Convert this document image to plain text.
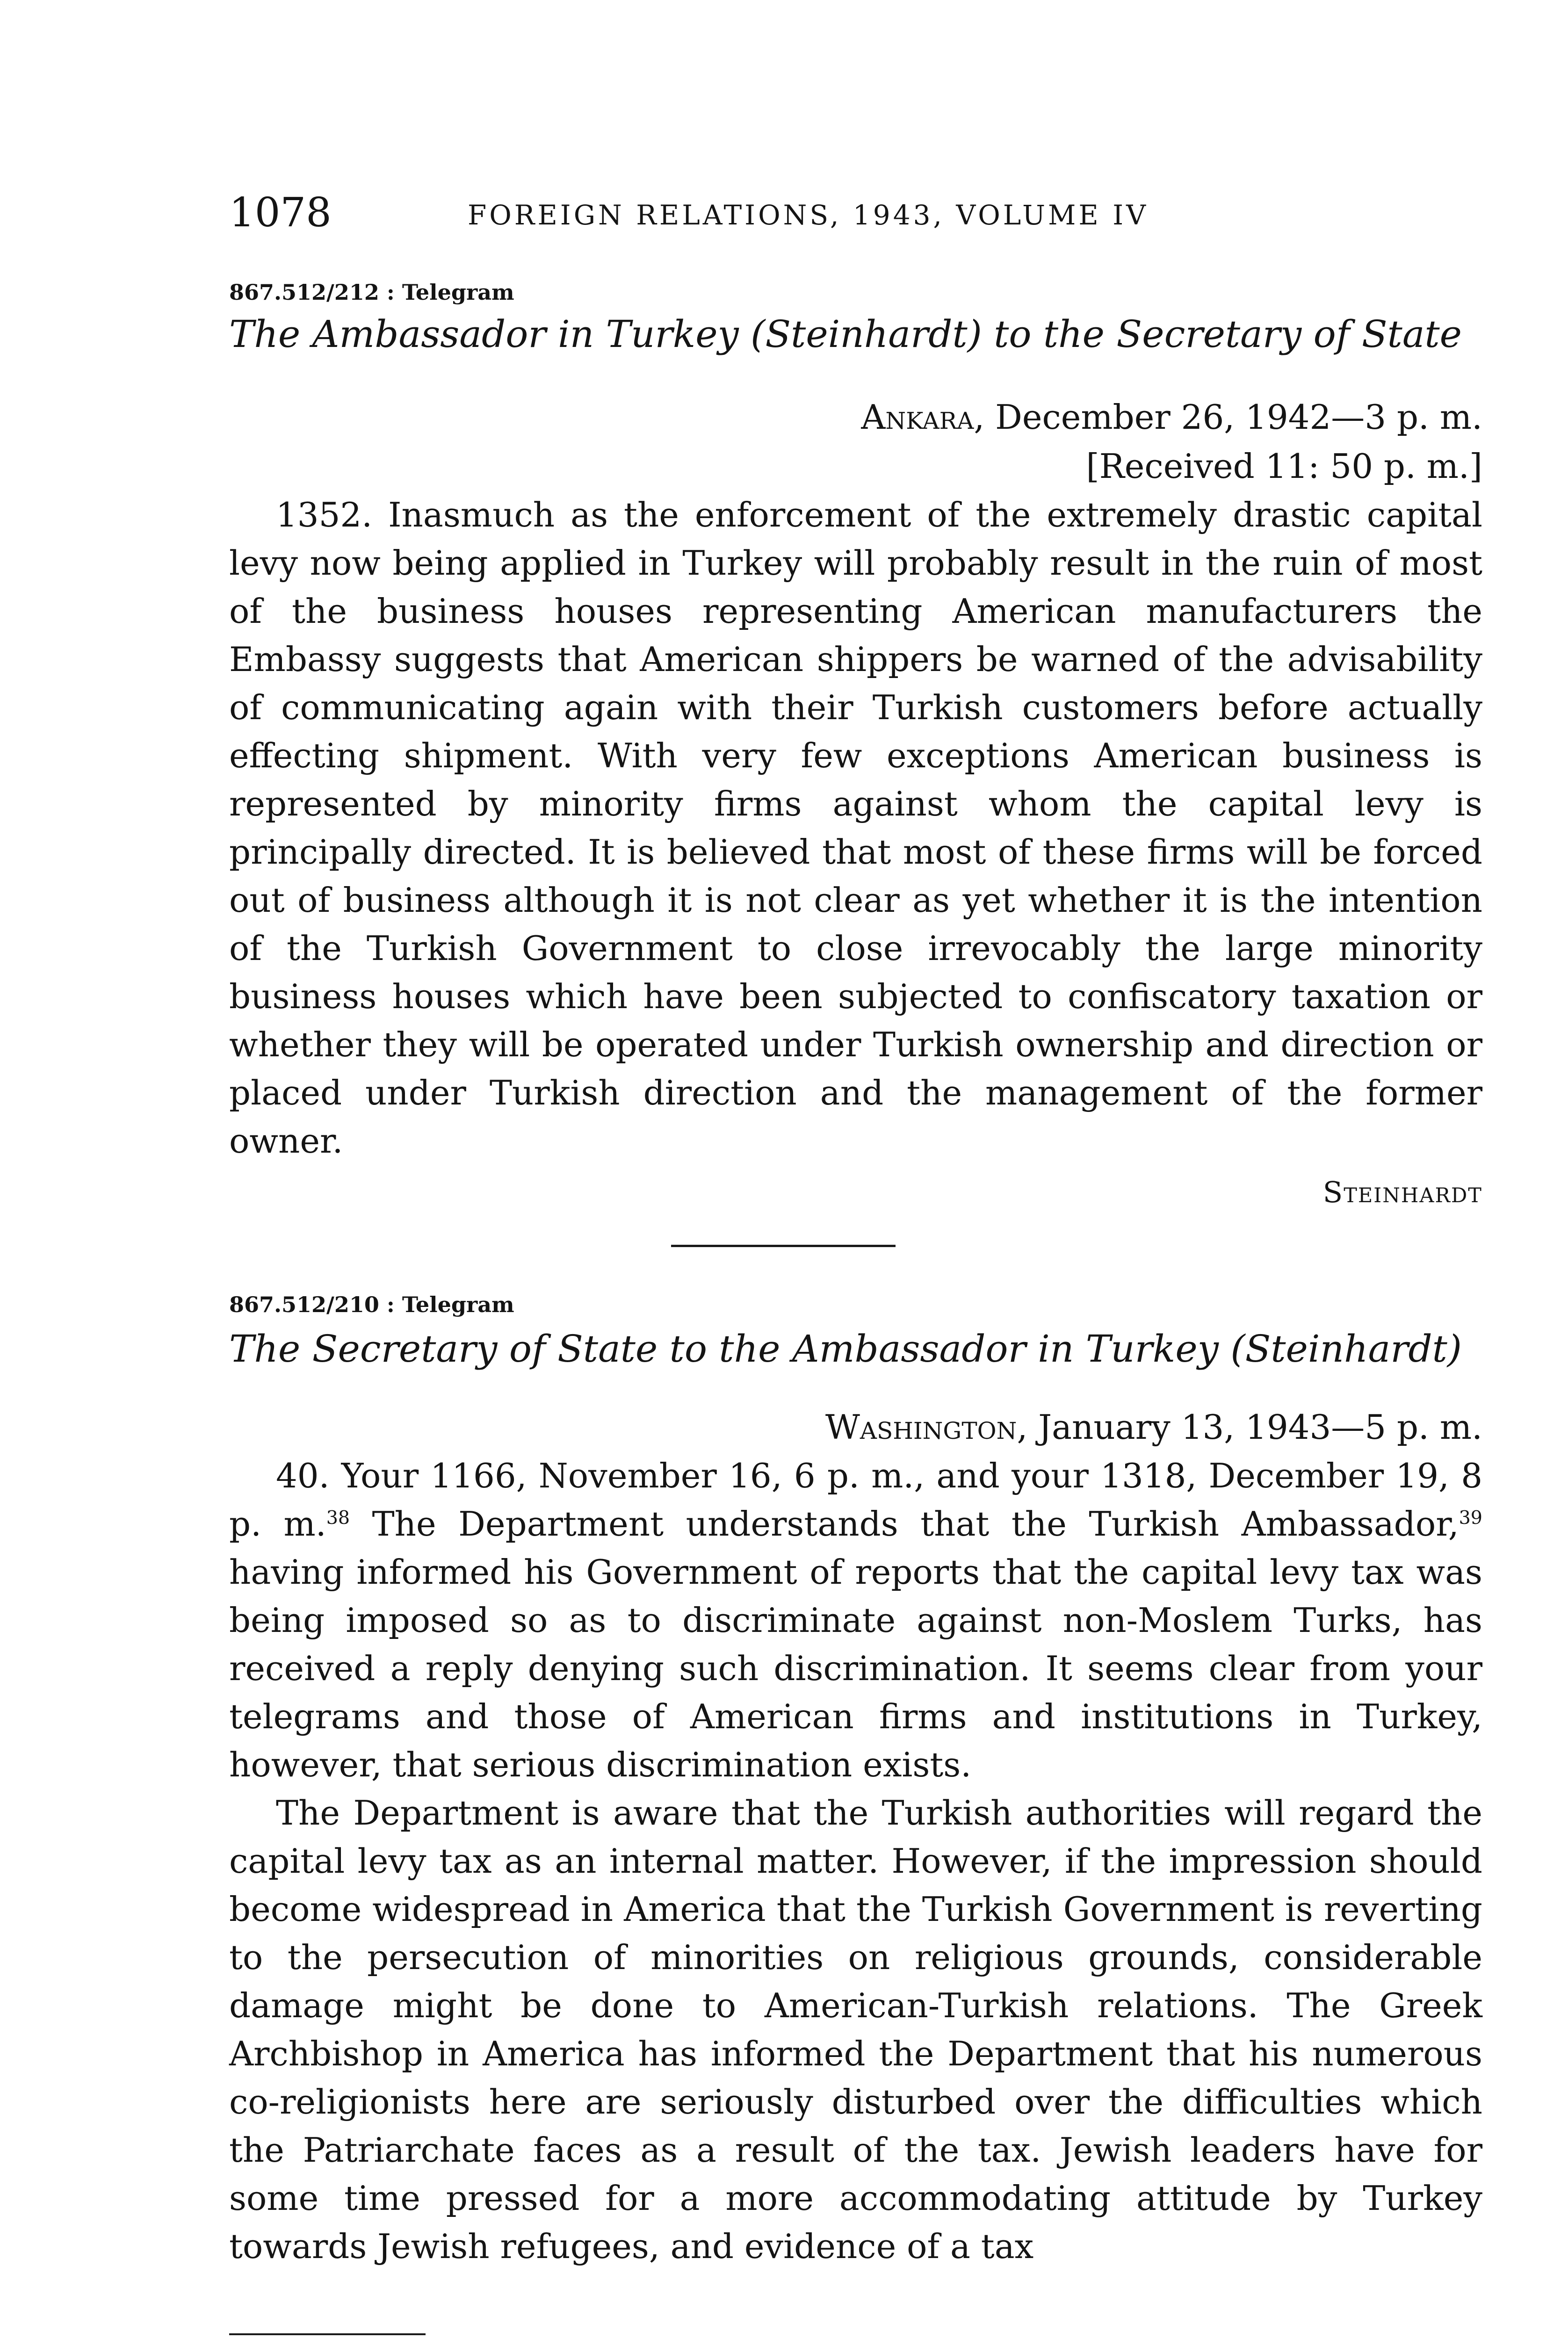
1078	FOREIGN RELATIONS, 1943, VOLUME IV
867.512/212 : Telegram
The Ambassador in Turkey (Steinhardt) to the Secretary of State
Ankara, December 26, 1942—3 p. m.
[Received 11: 50 p. m.]

1352. Inasmuch as the enforcement of the extremely drastic capital levy now being applied in Turkey will probably result in the ruin of most of the business houses representing American manufacturers the Embassy suggests that American shippers be warned of the advisability of communicating again with their Turkish customers before actually effecting shipment. With very few exceptions American business is represented by minority firms against whom the capital levy is principally directed. It is believed that most of these firms will be forced out of business although it is not clear as yet whether it is the intention of the Turkish Government to close irrevocably the large minority business houses which have been subjected to confiscatory taxation or whether they will be operated under Turkish ownership and direction or placed under Turkish direction and the management of the former owner.

Steinhardt
867.512/210 : Telegram
The Secretary of State to the Ambassador in Turkey (Steinhardt)
Washington, January 13, 1943—5 p. m.

40. Your 1166, November 16, 6 p. m., and your 1318, December 19, 8 p. m.$^{38}$ The Department understands that the Turkish Ambassador,$^{39}$ having informed his Government of reports that the capital levy tax was being imposed so as to discriminate against non-Moslem Turks, has received a reply denying such discrimination. It seems clear from your telegrams and those of American firms and institutions in Turkey, however, that serious discrimination exists.

The Department is aware that the Turkish authorities will regard the capital levy tax as an internal matter. However, if the impression should become widespread in America that the Turkish Government is reverting to the persecution of minorities on religious grounds, considerable damage might be done to American-Turkish relations. The Greek Archbishop in America has informed the Department that his numerous co-religionists here are seriously disturbed over the difficulties which the Patriarchate faces as a result of the tax. Jewish leaders have for some time pressed for a more accommodating attitude by Turkey towards Jewish refugees, and evidence of a tax
